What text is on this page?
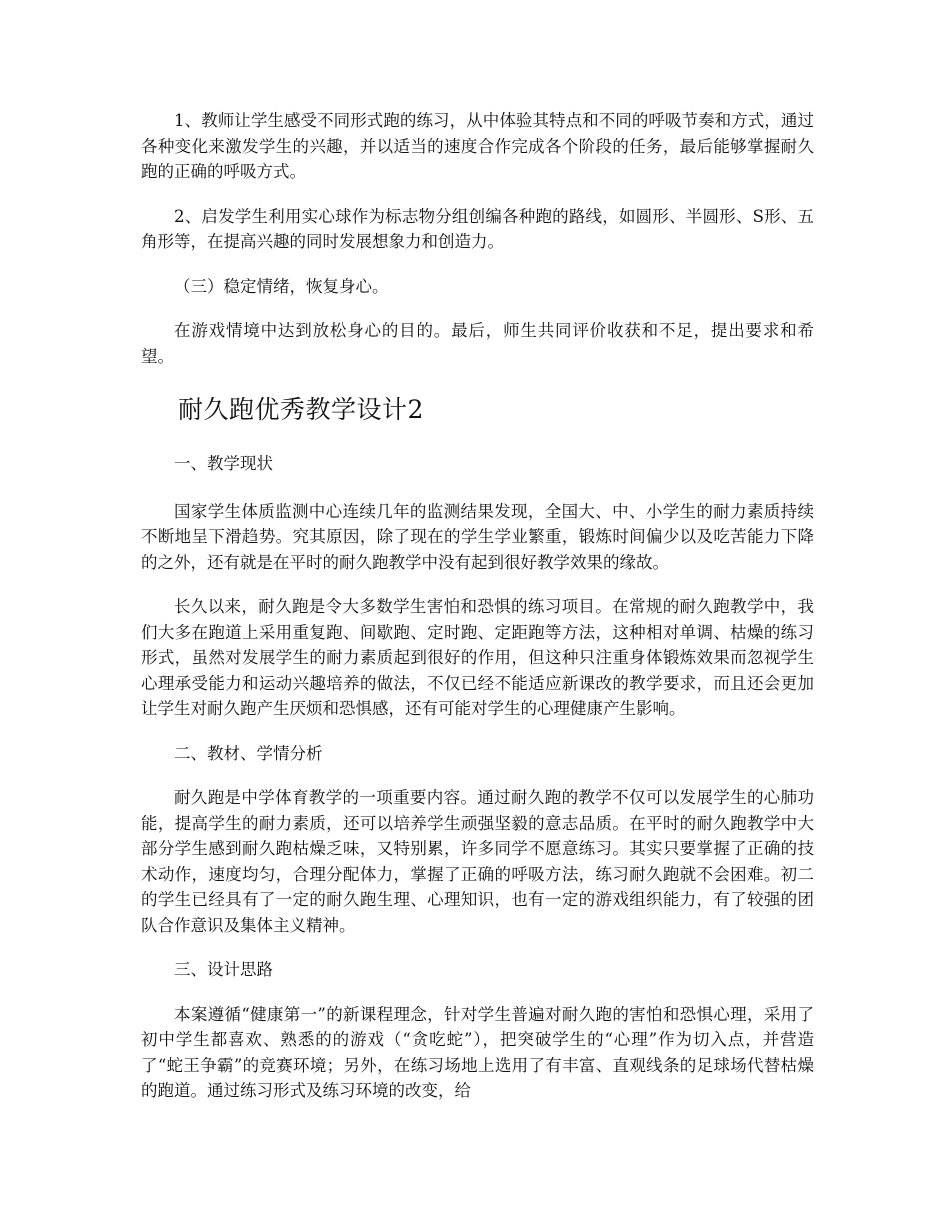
1、教师让学生感受不同形式跑的练习，从中体验其特点和不同的呼吸节奏和方式，通过各种变化来激发学生的兴趣，并以适当的速度合作完成各个阶段的任务，最后能够掌握耐久跑的正确的呼吸方式。

2、启发学生利用实心球作为标志物分组创编各种跑的路线，如圆形、半圆形、S形、五角形等，在提高兴趣的同时发展想象力和创造力。

（三）稳定情绪，恢复身心。

在游戏情境中达到放松身心的目的。最后，师生共同评价收获和不足，提出要求和希望。

耐久跑优秀教学设计2

一、教学现状

国家学生体质监测中心连续几年的监测结果发现，全国大、中、小学生的耐力素质持续不断地呈下滑趋势。究其原因，除了现在的学生学业繁重，锻炼时间偏少以及吃苦能力下降的之外，还有就是在平时的耐久跑教学中没有起到很好教学效果的缘故。

长久以来，耐久跑是令大多数学生害怕和恐惧的练习项目。在常规的耐久跑教学中，我们大多在跑道上采用重复跑、间歇跑、定时跑、定距跑等方法，这种相对单调、枯燥的练习形式，虽然对发展学生的耐力素质起到很好的作用，但这种只注重身体锻炼效果而忽视学生心理承受能力和运动兴趣培养的做法，不仅已经不能适应新课改的教学要求，而且还会更加让学生对耐久跑产生厌烦和恐惧感，还有可能对学生的心理健康产生影响。

二、教材、学情分析

耐久跑是中学体育教学的一项重要内容。通过耐久跑的教学不仅可以发展学生的心肺功能，提高学生的耐力素质，还可以培养学生顽强坚毅的意志品质。在平时的耐久跑教学中大部分学生感到耐久跑枯燥乏味，又特别累，许多同学不愿意练习。其实只要掌握了正确的技术动作，速度均匀，合理分配体力，掌握了正确的呼吸方法，练习耐久跑就不会困难。初二的学生已经具有了一定的耐久跑生理、心理知识，也有一定的游戏组织能力，有了较强的团队合作意识及集体主义精神。

三、设计思路

本案遵循“健康第一”的新课程理念，针对学生普遍对耐久跑的害怕和恐惧心理，采用了初中学生都喜欢、熟悉的的游戏（“贪吃蛇”），把突破学生的“心理”作为切入点，并营造了“蛇王争霸”的竞赛环境；另外，在练习场地上选用了有丰富、直观线条的足球场代替枯燥的跑道。通过练习形式及练习环境的改变，给
